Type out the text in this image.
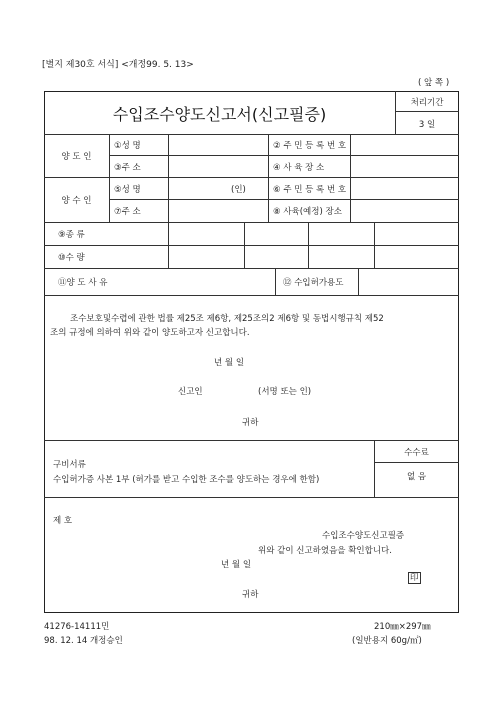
[별지 제30호 서식] <개정99. 5. 13>
( 앞 쪽 )
수입조수양도신고서(신고필증)
처리기간
3 일
양 도 인
①성 명	② 주 민 등 록 번 호
③주 소	④ 사 육 장 소
양 수 인
⑤성 명	(인)	⑥ 주 민 등 록 번 호
⑦주 소	⑧ 사육(예정) 장소
⑨종 류
⑩수 량
⑪양 도 사 유	⑫ 수입허가용도
조수보호및수렵에 관한 법률 제25조 제6항, 제25조의2 제6항 및 동법시행규칙 제52
조의 규정에 의하여 위와 같이 양도하고자 신고합니다.
년 월 일
신고인	(서명 또는 인)
귀하
구비서류
수입허가증 사본 1부 (허가를 받고 수입한 조수를 양도하는 경우에 한함)
수수료
없 음
제 호
수입조수양도신고필증
위와 같이 신고하였음을 확인합니다.
년 월 일
印
귀하
41276-14111민
98. 12. 14 개정승인
210㎜×297㎜
(일반용지 60g/㎡)
